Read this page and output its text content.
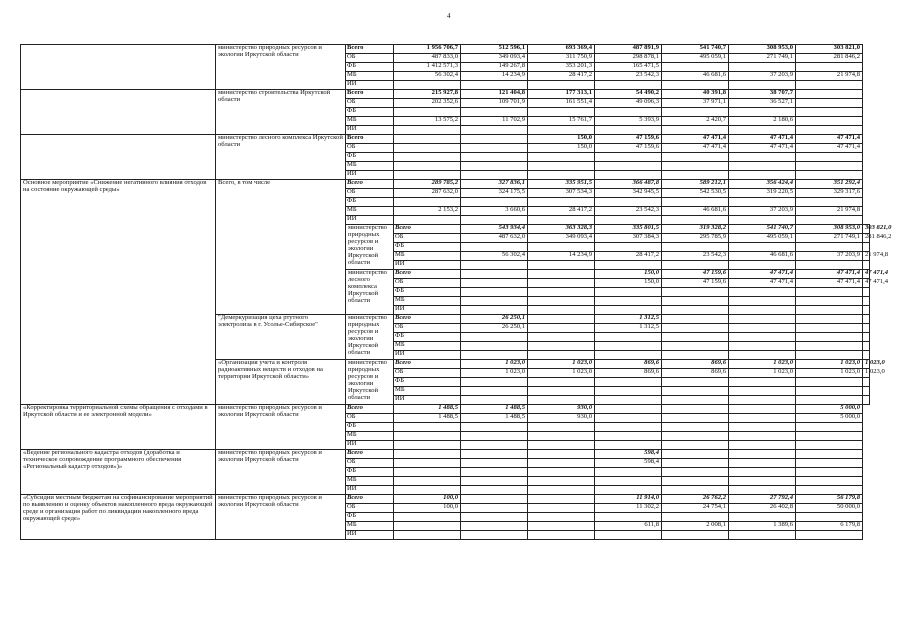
4
	министерство природных ресурсов и экологии Иркутской области	Всего	1 956 706,7	512 596,1	693 369,4	487 891,9	541 740,7	308 953,0	303 821,0	
		ОБ	487 833,0	349 093,4	311 750,9	298 878,1	495 059,1	271 749,1	281 846,2	
		ФБ	1 412 571,3	149 267,8	353 201,3	165 471,5				
		МБ	56 302,4	14 234,9	28 417,2	23 542,3	46 681,6	37 203,9	21 974,8	
		ИИ								
	министерство строительства Иркутской области	Всего	215 927,8	121 404,8	177 313,1	54 490,2	40 391,8	38 707,7		
		ОБ	202 352,6	109 701,9	161 551,4	49 096,3	37 971,1	36 527,1		
		ФБ								
		МБ	13 575,2	11 702,9	15 761,7	5 393,9	2 420,7	2 180,6		
		ИИ								
	министерство лесного комплекса Иркутской области	Всего			150,0	47 159,6	47 471,4	47 471,4	47 471,4	
		ОБ			150,0	47 159,6	47 471,4	47 471,4	47 471,4	
		ФБ								
		МБ								
		ИИ								
Основное мероприятие «Снижение негативного влияния отходов на состояние окружающей среды»	Всего, в том числе	Всего	289 785,2	327 836,1	335 951,5	366 487,8	589 212,1	356 424,4	351 292,4	
		ОБ	287 632,0	324 175,5	307 534,3	342 945,5	542 530,5	319 220,5	329 317,6	
		ФБ								
		МБ	2 153,2	3 660,6	28 417,2	23 542,3	46 681,6	37 203,9	21 974,8	
		ИИ								
		министерство природных ресурсов и экологии Иркутской области	Всего	543 934,4	363 328,3	335 801,5	319 328,2	541 740,7	308 953,0	303 821,0
			ОБ	487 632,0	349 093,4	307 384,3	295 785,9	495 059,1	271 749,1	281 846,2
			ФБ							
			МБ	56 302,4	14 234,9	28 417,2	23 542,3	46 681,6	37 203,9	21 974,8
			ИИ							
		министерство лесного комплекса Иркутской области	Всего			150,0	47 159,6	47 471,4	47 471,4	47 471,4
			ОБ			150,0	47 159,6	47 471,4	47 471,4	47 471,4
			ФБ							
			МБ							
			ИИ							
	"Демеркуризация цеха ртутного электролиза в г. Усолье-Сибирское"	министерство природных ресурсов и экологии Иркутской области	Всего	26 250,1		1 312,5				
			ОБ	26 250,1		1 312,5				
			ФБ							
			МБ							
			ИИ							
	«Организация учета и контроля радиоактивных веществ и отходов на территории Иркутской области»	министерство природных ресурсов и экологии Иркутской области	Всего	1 023,0	1 023,0	869,6	869,6	1 023,0	1 023,0	1 023,0
			ОБ	1 023,0	1 023,0	869,6	869,6	1 023,0	1 023,0	1 023,0
			ФБ							
			МБ							
			ИИ							
«Корректировка территориальной схемы обращения с отходами в Иркутской области и ее электронной модели»	министерство природных ресурсов и экологии Иркутской области	Всего	1 488,5	1 488,5	930,0				5 000,0	
		ОБ	1 488,5	1 488,5	930,0				5 000,0	
		ФБ								
		МБ								
		ИИ								
«Ведение регионального кадастра отходов (доработка и техническое сопровождение программного обеспечения «Региональный кадастр отходов»)»	министерство природных ресурсов и экологии Иркутской области	Всего				598,4				
		ОБ				598,4				
		ФБ								
		МБ								
		ИИ								
«Субсидии местным бюджетам на софинансирование мероприятий по выявлению и оценку объектов накопленного вреда окружающей среде и организация работ по ликвидации накопленного вреда окружающей среде»	министерство природных ресурсов и экологии Иркутской области	Всего	100,0			11 914,0	26 762,2	27 792,4	56 179,8	
		ОБ	100,0			11 302,2	24 754,1	26 402,8	50 000,0	
		ФБ								
		МБ				611,8	2 008,1	1 389,6	6 179,8	
		ИИ								
